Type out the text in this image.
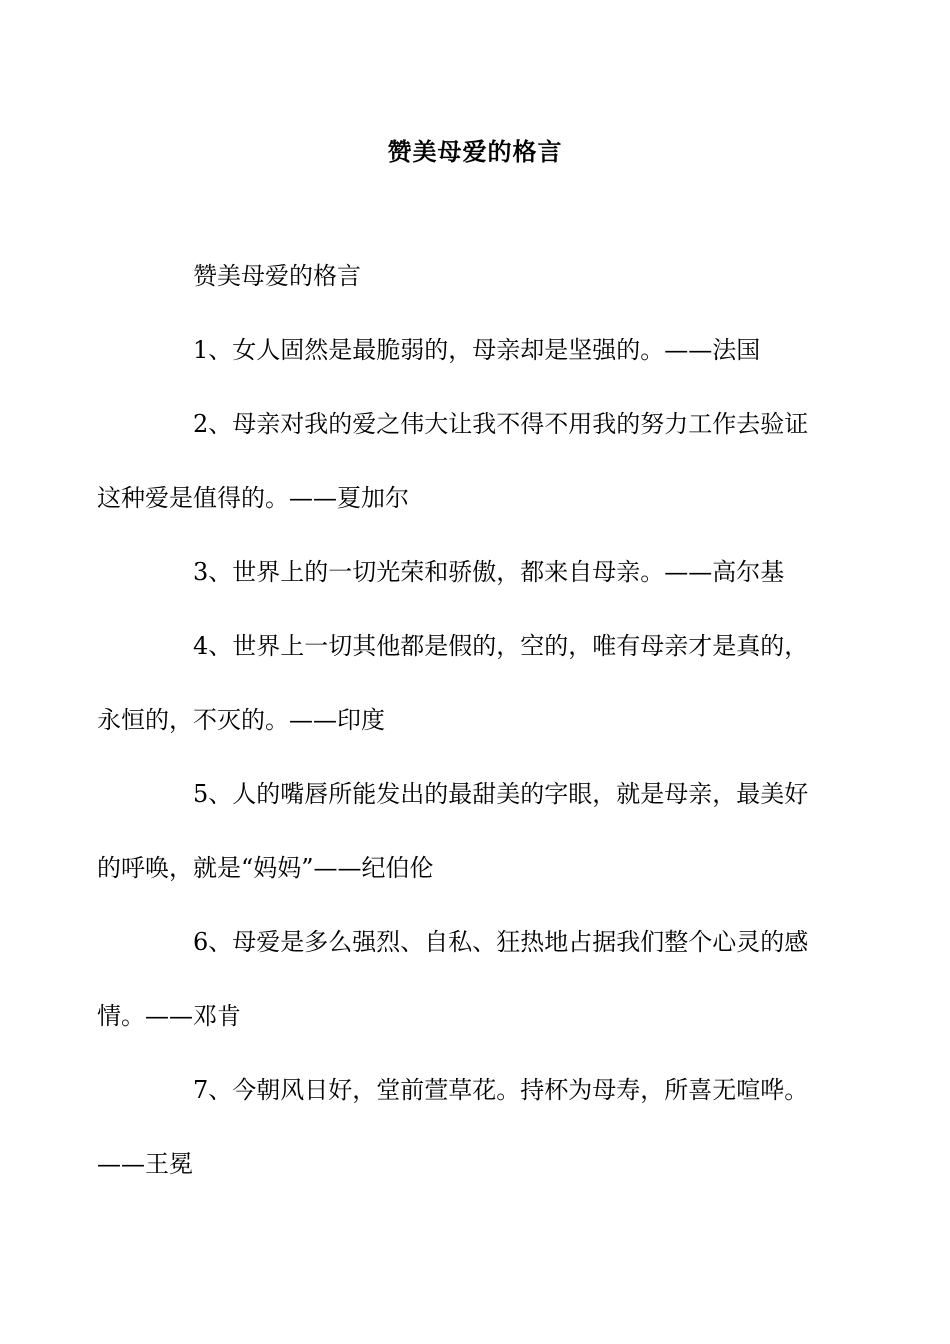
赞美母爱的格言

赞美母爱的格言

1、女人固然是最脆弱的，母亲却是坚强的。——法国

2、母亲对我的爱之伟大让我不得不用我的努力工作去验证
这种爱是值得的。——夏加尔

3、世界上的一切光荣和骄傲，都来自母亲。——高尔基

4、世界上一切其他都是假的，空的，唯有母亲才是真的，
永恒的，不灭的。——印度

5、人的嘴唇所能发出的最甜美的字眼，就是母亲，最美好
的呼唤，就是“妈妈”——纪伯伦

6、母爱是多么强烈、自私、狂热地占据我们整个心灵的感
情。——邓肯

7、今朝风日好，堂前萱草花。持杯为母寿，所喜无喧哗。
——王冕
